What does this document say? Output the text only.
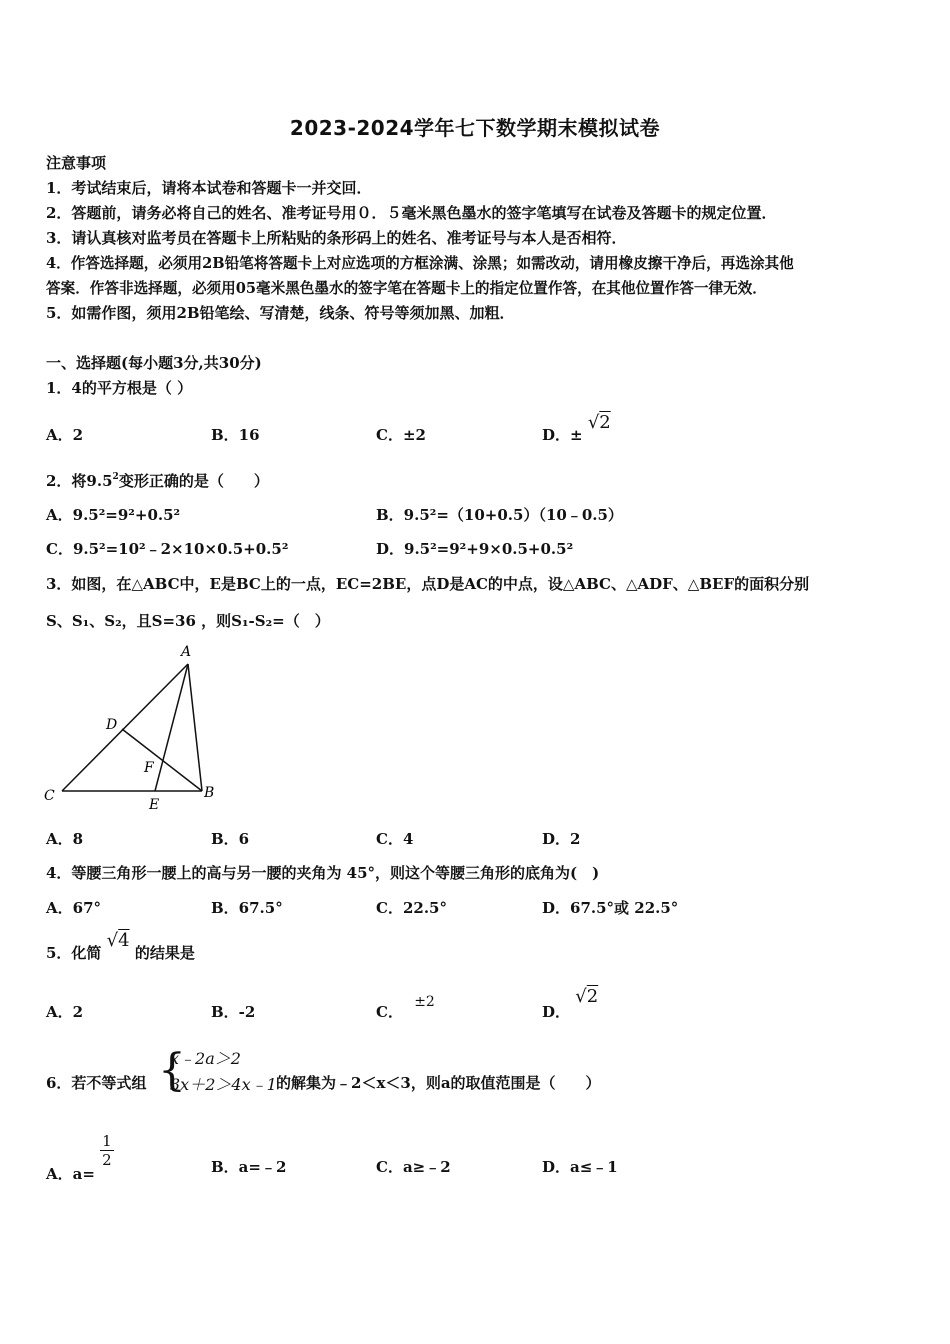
2023-2024学年七下数学期末模拟试卷
注意事项
1．考试结束后，请将本试卷和答题卡一并交回．
2．答题前，请务必将自己的姓名、准考证号用０．５毫米黑色墨水的签字笔填写在试卷及答题卡的规定位置．
3．请认真核对监考员在答题卡上所粘贴的条形码上的姓名、准考证号与本人是否相符．
4．作答选择题，必须用2B铅笔将答题卡上对应选项的方框涂满、涂黑；如需改动，请用橡皮擦干净后，再选涂其他
答案．作答非选择题，必须用05毫米黑色墨水的签字笔在答题卡上的指定位置作答，在其他位置作答一律无效．
5．如需作图，须用2B铅笔绘、写清楚，线条、符号等须加黑、加粗．
一、选择题(每小题3分,共30分)
1．4的平方根是（ ）
A．2	B．16	C．±2	D．± √2
2．将$9.5^2$变形正确的是（　　）
A．9.5²=9²+0.5²	B．9.5²=（10+0.5）（10﹣0.5）
C．9.5²=10²﹣2×10×0.5+0.5²	D．9.5²=9²+9×0.5+0.5²
3．如图，在△ABC中，E是BC上的一点，EC=2BE，点D是AC的中点，设△ABC、△ADF、△BEF的面积分别
S、S₁、S₂，且S=36 ，则S₁-S₂=（　）
A
D
F
C
E
B
A．8	B．6	C．4	D．2
4．等腰三角形一腰上的高与另一腰的夹角为 45°，则这个等腰三角形的底角为(　)
A．67°	B．67.5°	C．22.5°	D．67.5°或 22.5°
5．化简 √4 的结果是
A．2	B．-2	C． ±2
D． √2
6．若不等式组 {
x﹣2a＞2
3x＋2＞4x﹣1 的解集为﹣2＜x＜3，则a的取值范围是（　　）
A．a=
$\frac{1}{2}$	B．a=﹣2	C．a≥﹣2	D．a≤﹣1
